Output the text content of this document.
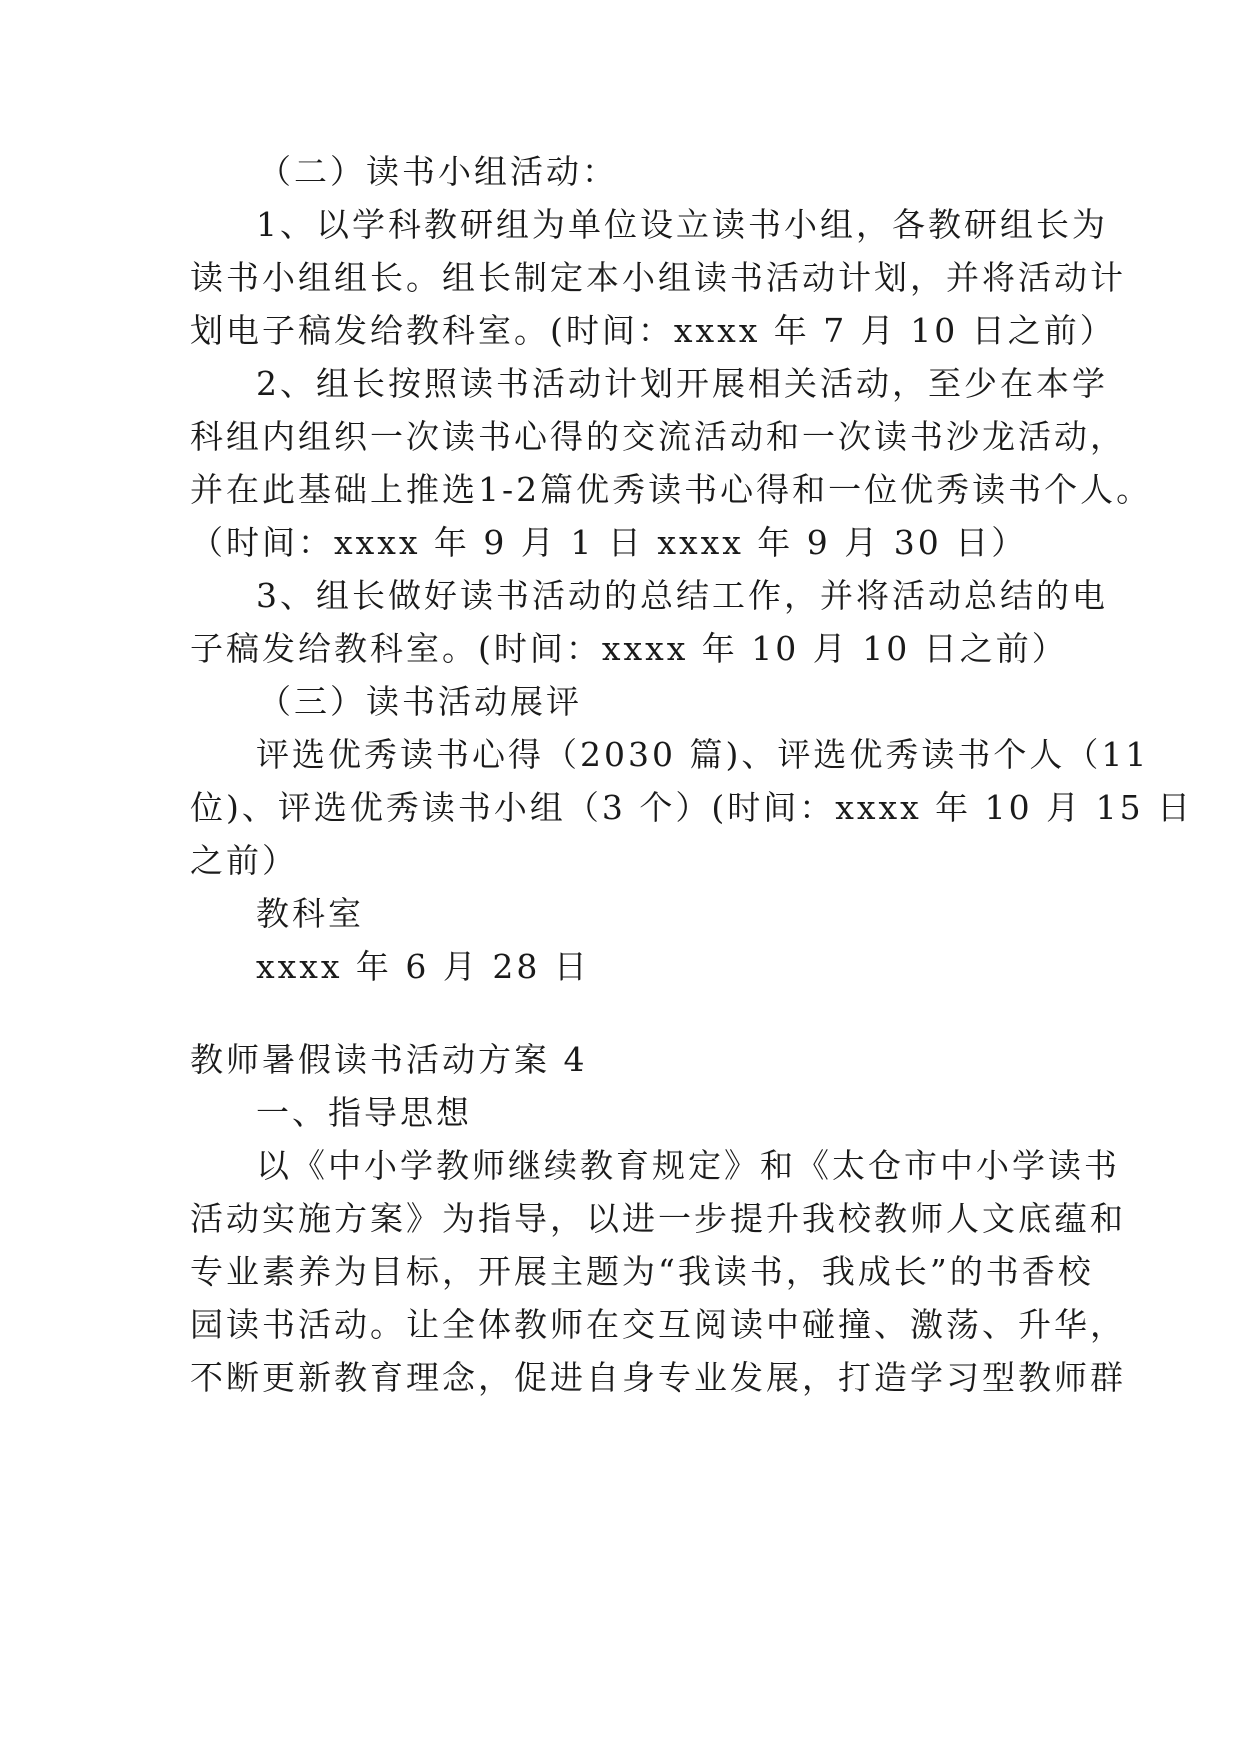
（二）读书小组活动：
1、以学科教研组为单位设立读书小组，各教研组长为
读书小组组长。组长制定本小组读书活动计划，并将活动计
划电子稿发给教科室。(时间：xxxx 年 7 月 10 日之前）
2、组长按照读书活动计划开展相关活动，至少在本学
科组内组织一次读书心得的交流活动和一次读书沙龙活动，
并在此基础上推选1-2篇优秀读书心得和一位优秀读书个人。
（时间：xxxx 年 9 月 1 日 xxxx 年 9 月 30 日）
3、组长做好读书活动的总结工作，并将活动总结的电
子稿发给教科室。(时间：xxxx 年 10 月 10 日之前）
（三）读书活动展评
评选优秀读书心得（2030 篇)、评选优秀读书个人（11
位)、评选优秀读书小组（3 个）(时间：xxxx 年 10 月 15 日
之前）
教科室
xxxx 年 6 月 28 日
教师暑假读书活动方案 4
一、指导思想
以《中小学教师继续教育规定》和《太仓市中小学读书
活动实施方案》为指导，以进一步提升我校教师人文底蕴和
专业素养为目标，开展主题为“我读书，我成长”的书香校
园读书活动。让全体教师在交互阅读中碰撞、激荡、升华，
不断更新教育理念，促进自身专业发展，打造学习型教师群
